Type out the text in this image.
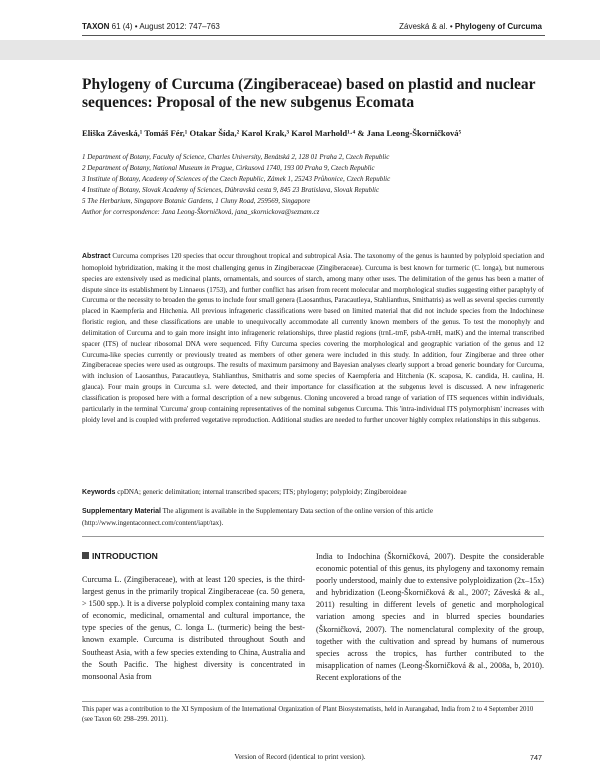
TAXON 61 (4) • August 2012: 747–763	Záveská & al. • Phylogeny of Curcuma
Phylogeny of Curcuma (Zingiberaceae) based on plastid and nuclear
sequences: Proposal of the new subgenus Ecomata
Eliška Záveská,¹ Tomáš Fér,¹ Otakar Šída,² Karol Krak,³ Karol Marhold¹·⁴ & Jana Leong-Škorničková⁵
1 Department of Botany, Faculty of Science, Charles University, Benátská 2, 128 01 Praha 2, Czech Republic
2 Department of Botany, National Museum in Prague, Cirkusová 1740, 193 00 Praha 9, Czech Republic
3 Institute of Botany, Academy of Sciences of the Czech Republic, Zámek 1, 25243 Průhonice, Czech Republic
4 Institute of Botany, Slovak Academy of Sciences, Dúbravská cesta 9, 845 23 Bratislava, Slovak Republic
5 The Herbarium, Singapore Botanic Gardens, 1 Cluny Road, 259569, Singapore
Author for correspondence: Jana Leong-Škorničková, jana_skornickova@seznam.cz
Abstract Curcuma comprises 120 species that occur throughout tropical and subtropical Asia. The taxonomy of the genus is haunted by polyploid speciation and homoploid hybridization, making it the most challenging genus in Zingiberaceae (Zingiberaceae). Curcuma is best known for turmeric (C. longa), but numerous species are extensively used as medicinal plants, ornamentals, and sources of starch, among many other uses. The delimitation of the genus has been a matter of dispute since its establishment by Linnaeus (1753), and further conflict has arisen from recent molecular and morphological studies suggesting either paraphyly of Curcuma or the necessity to broaden the genus to include four small genera (Laosanthus, Paracautleya, Stahlianthus, Smithatris) as well as several species currently placed in Kaempferia and Hitchenia. All previous infrageneric classifications were based on limited material that did not include species from the Indochinese floristic region, and these classifications are unable to unequivocally accommodate all currently known members of the genus. To test the monophyly and delimitation of Curcuma and to gain more insight into infrageneric relationships, three plastid regions (trnL-trnF, psbA-trnH, matK) and the internal transcribed spacer (ITS) of nuclear ribosomal DNA were sequenced. Fifty Curcuma species covering the morphological and geographic variation of the genus and 12 Curcuma-like species currently or previously treated as members of other genera were included in this study. In addition, four Zingiberae and three other Zingiberaceae species were used as outgroups. The results of maximum parsimony and Bayesian analyses clearly support a broad generic boundary for Curcuma, with inclusion of Laosanthus, Paracautleya, Stahlianthus, Smithatris and some species of Kaempferia and Hitchenia (K. scaposa, K. candida, H. caulina, H. glauca). Four main groups in Curcuma s.l. were detected, and their importance for classification at the subgenus level is discussed. A new infrageneric classification is proposed here with a formal description of a new subgenus. Cloning uncovered a broad range of variation of ITS sequences within individuals, particularly in the terminal 'Curcuma' group containing representatives of the nominal subgenus Curcuma. This 'intra-individual ITS polymorphism' increases with ploidy level and is coupled with preferred vegetative reproduction. Additional studies are needed to further uncover highly complex relationships in this subgenus.
Keywords cpDNA; generic delimitation; internal transcribed spacers; ITS; phylogeny; polyploidy; Zingiberoideae
Supplementary Material The alignment is available in the Supplementary Data section of the online version of this article (http://www.ingentaconnect.com/content/iapt/tax).
INTRODUCTION
Curcuma L. (Zingiberaceae), with at least 120 species, is the third-largest genus in the primarily tropical Zingiberaceae (ca. 50 genera, > 1500 spp.). It is a diverse polyploid complex containing many taxa of economic, medicinal, ornamental and cultural importance, the type species of the genus, C. longa L. (turmeric) being the best-known example. Curcuma is distributed throughout South and Southeast Asia, with a few species extending to China, Australia and the South Pacific. The highest diversity is concentrated in monsoonal Asia from
India to Indochina (Škorničková, 2007). Despite the considerable economic potential of this genus, its phylogeny and taxonomy remain poorly understood, mainly due to extensive polyploidization (2x–15x) and hybridization (Leong-Škorničková & al., 2007; Záveská & al., 2011) resulting in different levels of genetic and morphological variation among species and in blurred species boundaries (Škorničková, 2007). The nomenclatural complexity of the group, together with the cultivation and spread by humans of numerous species across the tropics, has further contributed to the misapplication of names (Leong-Škorničková & al., 2008a, b, 2010). Recent explorations of the
This paper was a contribution to the XI Symposium of the International Organization of Plant Biosystematists, held in Aurangabad, India from 2 to 4 September 2010 (see Taxon 60: 298–299. 2011).
Version of Record (identical to print version).	747
